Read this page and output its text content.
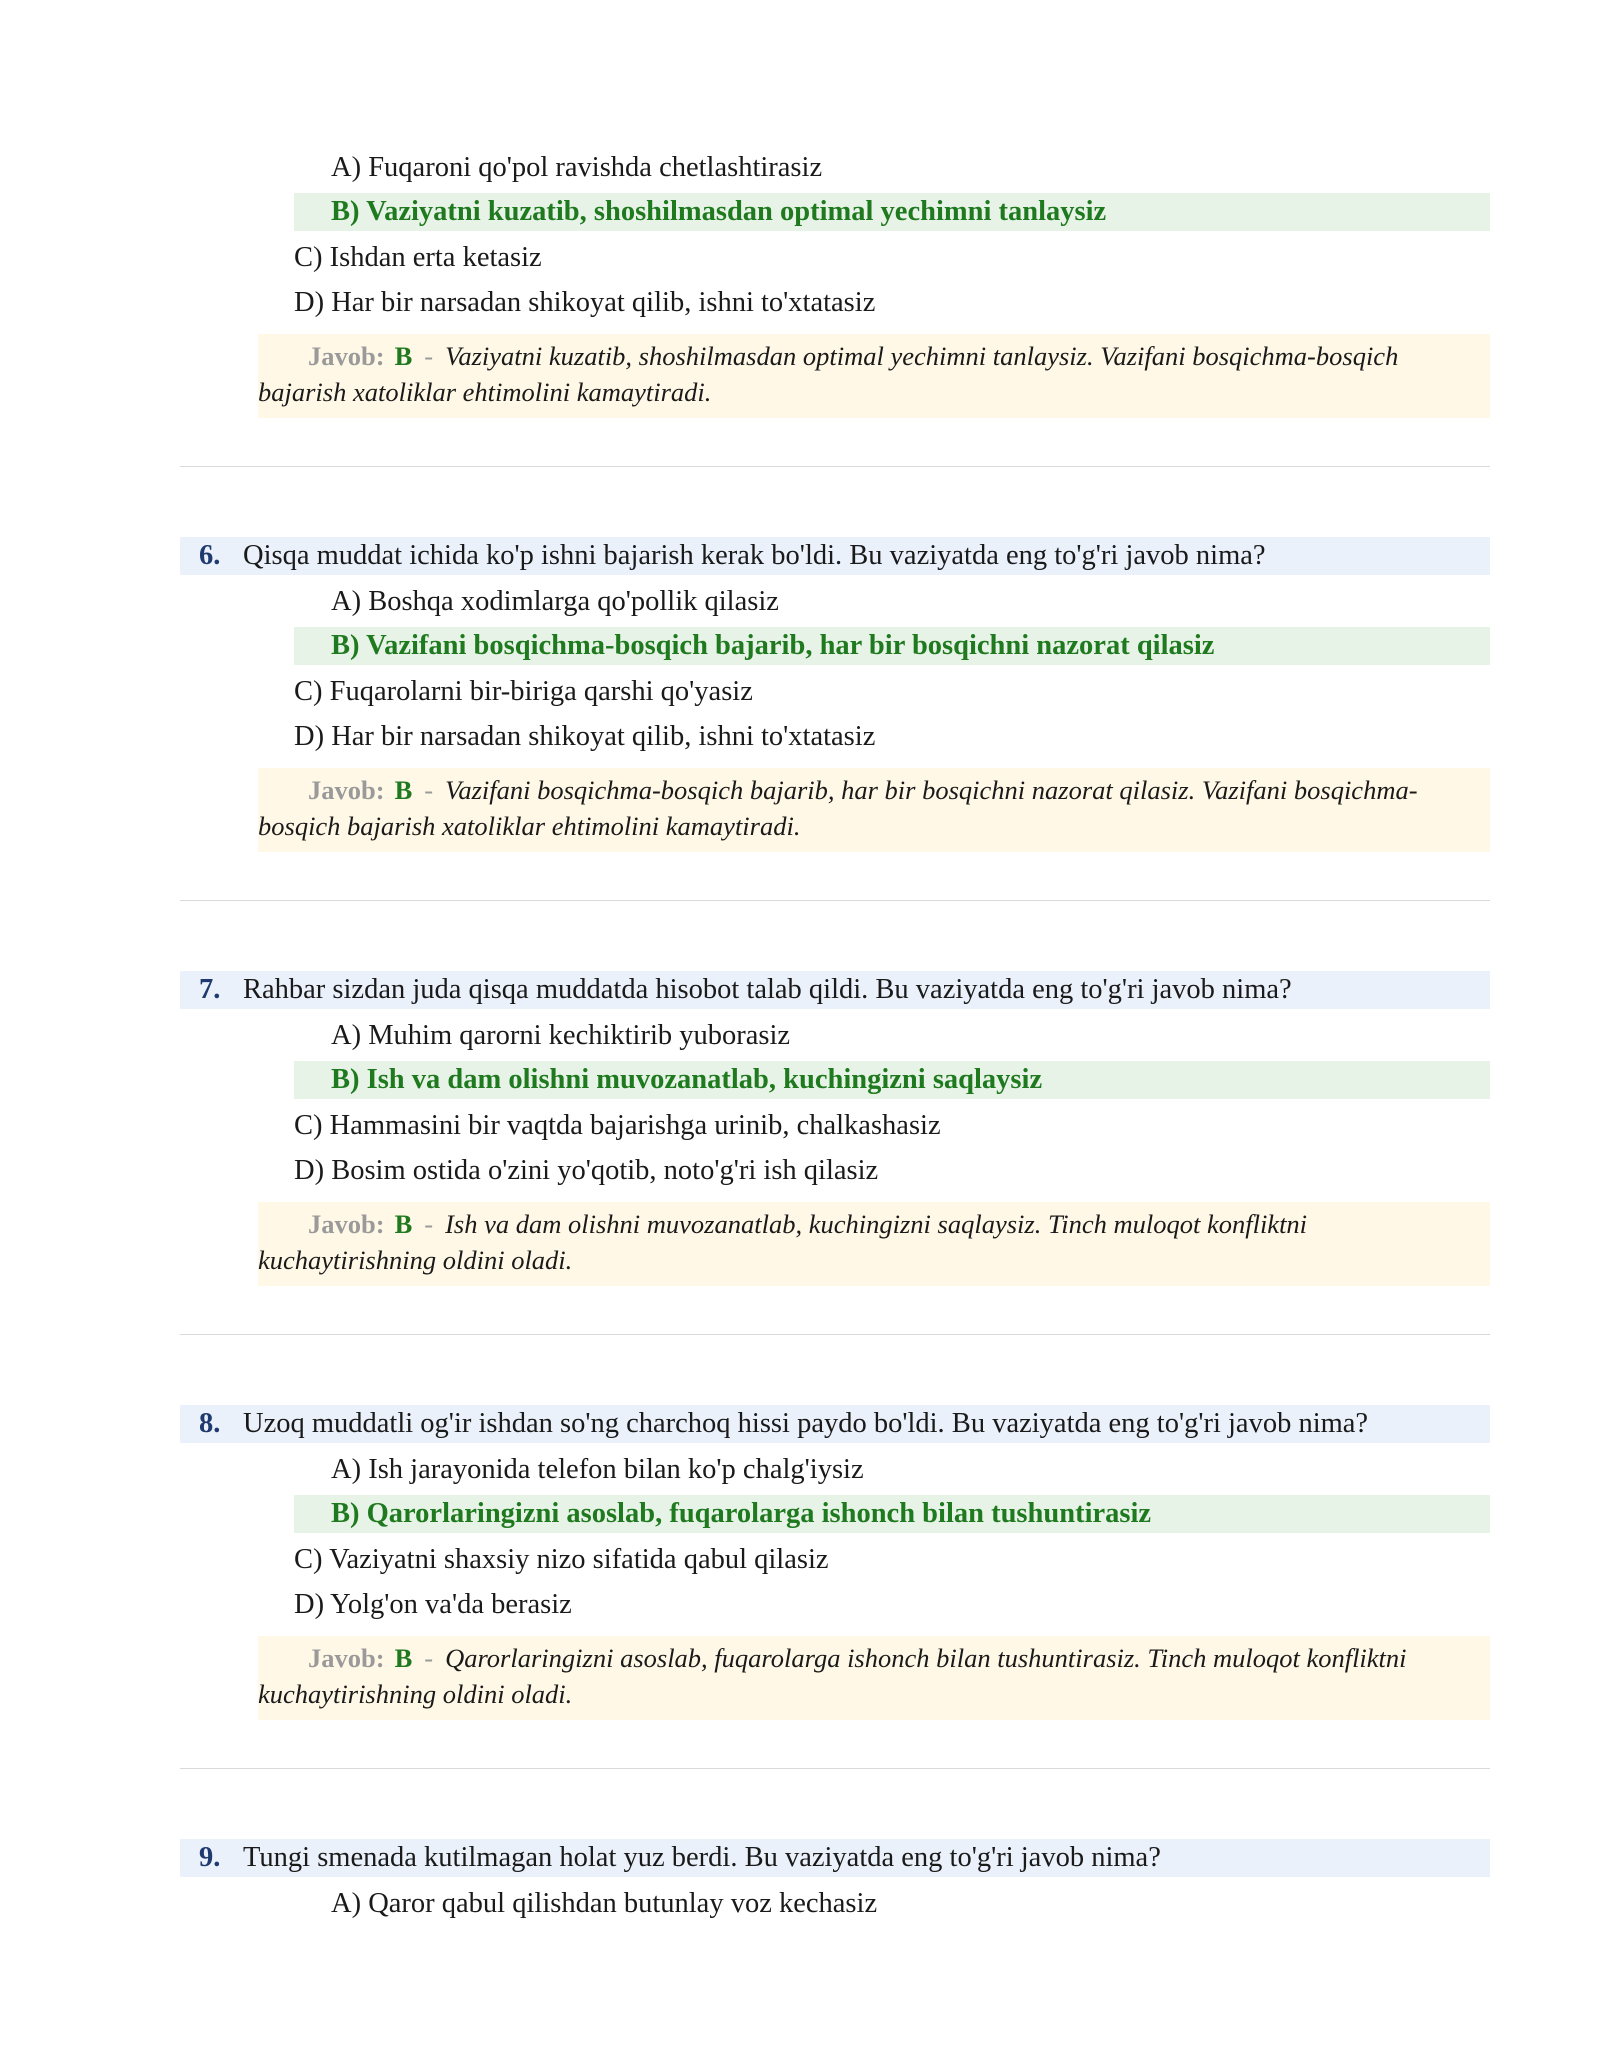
A) Fuqaroni qo'pol ravishda chetlashtirasiz
B) Vaziyatni kuzatib, shoshilmasdan optimal yechimni tanlaysiz
C) Ishdan erta ketasiz
D) Har bir narsadan shikoyat qilib, ishni to'xtatasiz
Javob: B - Vaziyatni kuzatib, shoshilmasdan optimal yechimni tanlaysiz. Vazifani bosqichma-bosqich bajarish xatoliklar ehtimolini kamaytiradi.
6. Qisqa muddat ichida ko'p ishni bajarish kerak bo'ldi. Bu vaziyatda eng to'g'ri javob nima?
A) Boshqa xodimlarga qo'pollik qilasiz
B) Vazifani bosqichma-bosqich bajarib, har bir bosqichni nazorat qilasiz
C) Fuqarolarni bir-biriga qarshi qo'yasiz
D) Har bir narsadan shikoyat qilib, ishni to'xtatasiz
Javob: B - Vazifani bosqichma-bosqich bajarib, har bir bosqichni nazorat qilasiz. Vazifani bosqichma-bosqich bajarish xatoliklar ehtimolini kamaytiradi.
7. Rahbar sizdan juda qisqa muddatda hisobot talab qildi. Bu vaziyatda eng to'g'ri javob nima?
A) Muhim qarorni kechiktirib yuborasiz
B) Ish va dam olishni muvozanatlab, kuchingizni saqlaysiz
C) Hammasini bir vaqtda bajarishga urinib, chalkashasiz
D) Bosim ostida o'zini yo'qotib, noto'g'ri ish qilasiz
Javob: B - Ish va dam olishni muvozanatlab, kuchingizni saqlaysiz. Tinch muloqot konfliktni kuchaytirishning oldini oladi.
8. Uzoq muddatli og'ir ishdan so'ng charchoq hissi paydo bo'ldi. Bu vaziyatda eng to'g'ri javob nima?
A) Ish jarayonida telefon bilan ko'p chalg'iysiz
B) Qarorlaringizni asoslab, fuqarolarga ishonch bilan tushuntirasiz
C) Vaziyatni shaxsiy nizo sifatida qabul qilasiz
D) Yolg'on va'da berasiz
Javob: B - Qarorlaringizni asoslab, fuqarolarga ishonch bilan tushuntirasiz. Tinch muloqot konfliktni kuchaytirishning oldini oladi.
9. Tungi smenada kutilmagan holat yuz berdi. Bu vaziyatda eng to'g'ri javob nima?
A) Qaror qabul qilishdan butunlay voz kechasiz
